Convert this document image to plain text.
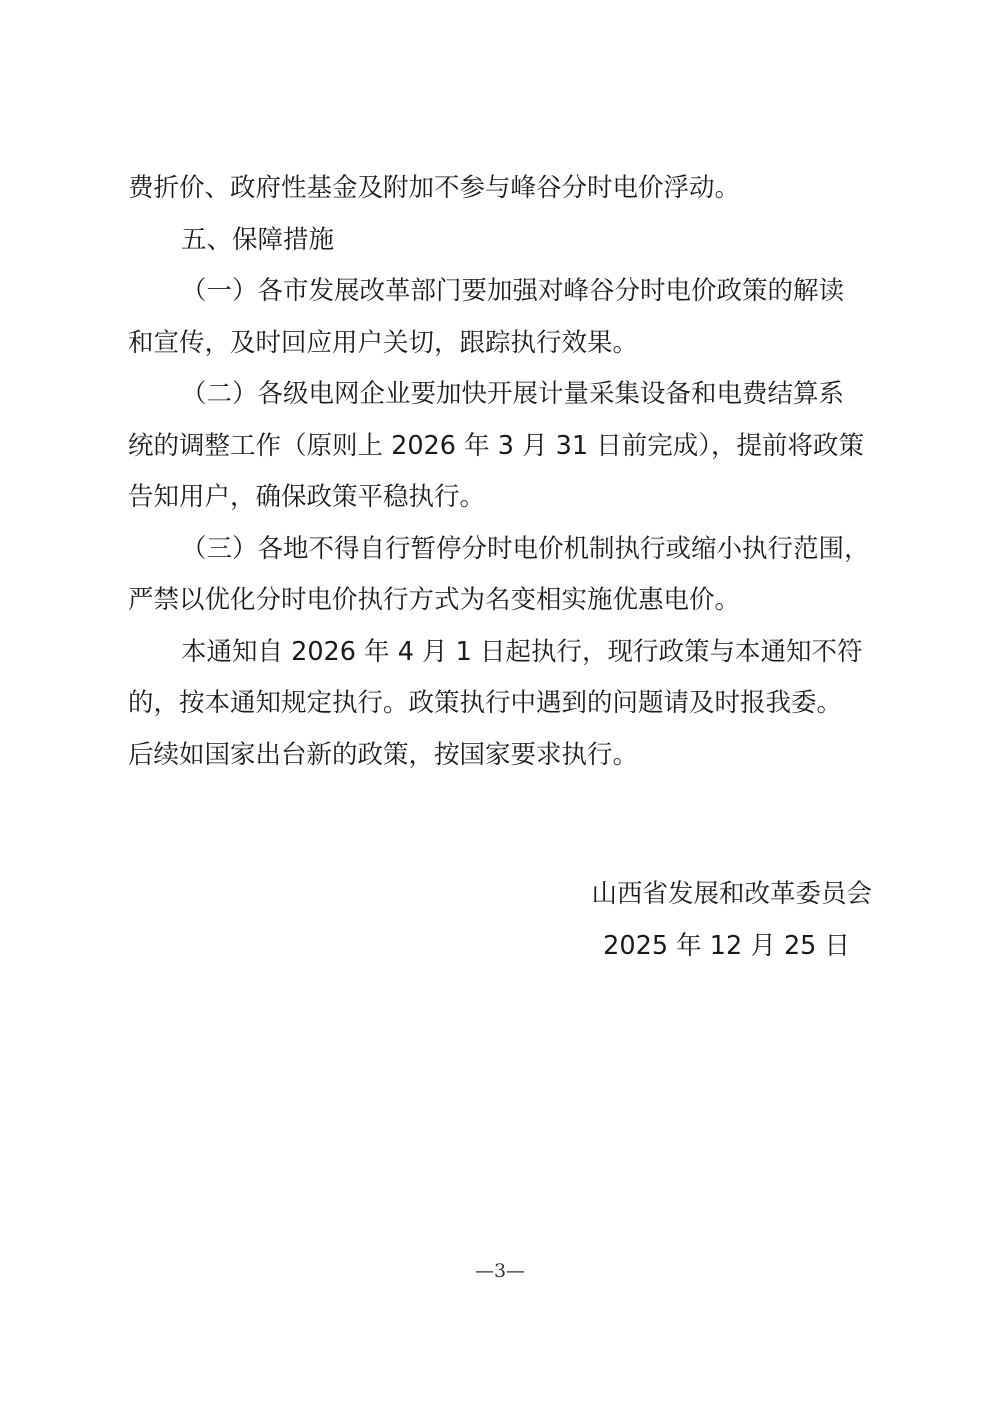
费折价、政府性基金及附加不参与峰谷分时电价浮动。
五、保障措施
（一）各市发展改革部门要加强对峰谷分时电价政策的解读
和宣传，及时回应用户关切，跟踪执行效果。
（二）各级电网企业要加快开展计量采集设备和电费结算系
统的调整工作（原则上 2026 年 3 月 31 日前完成），提前将政策
告知用户，确保政策平稳执行。
（三）各地不得自行暂停分时电价机制执行或缩小执行范围，
严禁以优化分时电价执行方式为名变相实施优惠电价。
本通知自 2026 年 4 月 1 日起执行，现行政策与本通知不符
的，按本通知规定执行。政策执行中遇到的问题请及时报我委。
后续如国家出台新的政策，按国家要求执行。
山西省发展和改革委员会
2025 年 12 月 25 日
—3—
